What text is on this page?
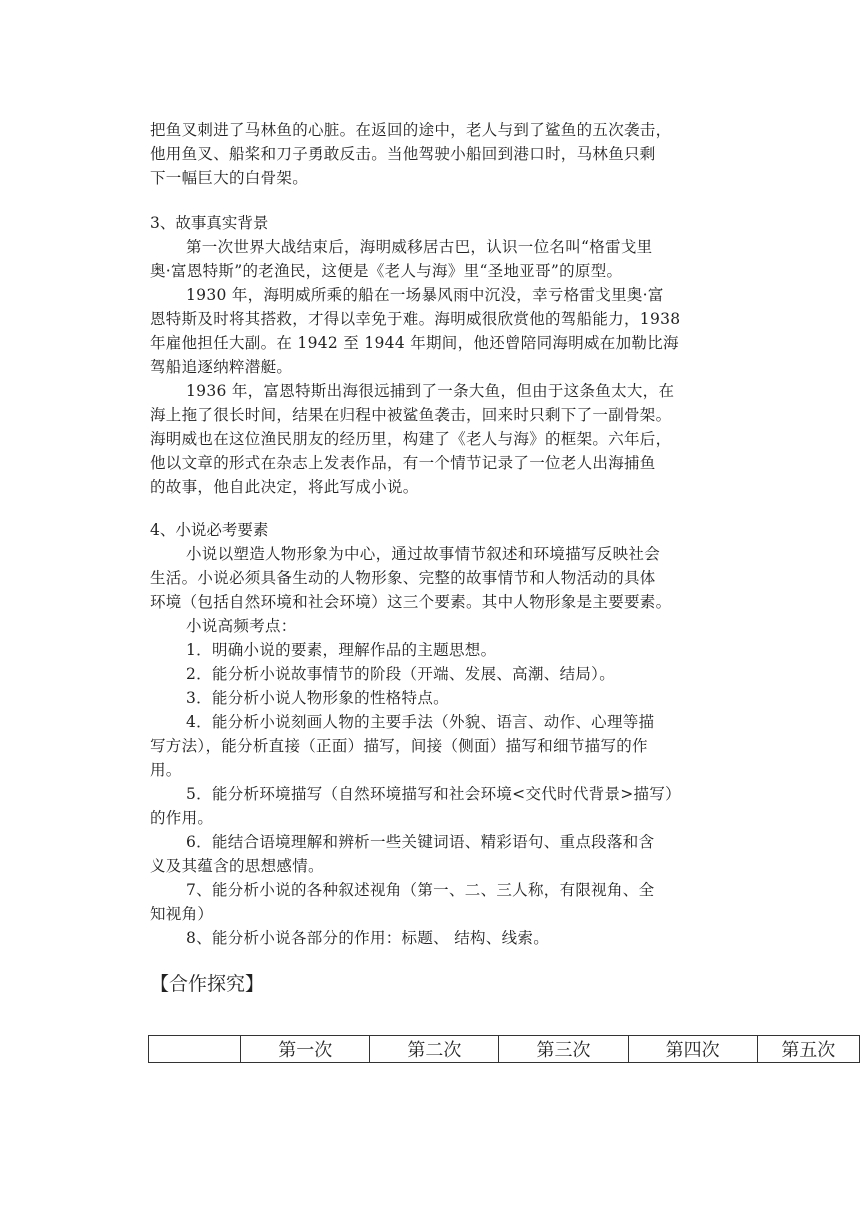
把鱼叉刺进了马林鱼的心脏。在返回的途中，老人与到了鲨鱼的五次袭击，
他用鱼叉、船桨和刀子勇敢反击。当他驾驶小船回到港口时，马林鱼只剩
下一幅巨大的白骨架。
3、故事真实背景
第一次世界大战结束后，海明威移居古巴，认识一位名叫“格雷戈里
奥·富恩特斯”的老渔民，这便是《老人与海》里“圣地亚哥”的原型。
1930 年，海明威所乘的船在一场暴风雨中沉没，幸亏格雷戈里奥·富
恩特斯及时将其搭救，才得以幸免于难。海明威很欣赏他的驾船能力，1938
年雇他担任大副。在 1942 至 1944 年期间，他还曾陪同海明威在加勒比海
驾船追逐纳粹潜艇。
1936 年，富恩特斯出海很远捕到了一条大鱼，但由于这条鱼太大，在
海上拖了很长时间，结果在归程中被鲨鱼袭击，回来时只剩下了一副骨架。
海明威也在这位渔民朋友的经历里，构建了《老人与海》的框架。六年后，
他以文章的形式在杂志上发表作品，有一个情节记录了一位老人出海捕鱼
的故事，他自此决定，将此写成小说。
4、小说必考要素
小说以塑造人物形象为中心，通过故事情节叙述和环境描写反映社会
生活。小说必须具备生动的人物形象、完整的故事情节和人物活动的具体
环境（包括自然环境和社会环境）这三个要素。其中人物形象是主要要素。
小说高频考点：
1．明确小说的要素，理解作品的主题思想。
2．能分析小说故事情节的阶段（开端、发展、高潮、结局）。
3．能分析小说人物形象的性格特点。
4．能分析小说刻画人物的主要手法（外貌、语言、动作、心理等描
写方法），能分析直接（正面）描写，间接（侧面）描写和细节描写的作
用。
5．能分析环境描写（自然环境描写和社会环境<交代时代背景>描写）
的作用。
6．能结合语境理解和辨析一些关键词语、精彩语句、重点段落和含
义及其蕴含的思想感情。
7、能分析小说的各种叙述视角（第一、二、三人称，有限视角、全
知视角）
8、能分析小说各部分的作用：标题、 结构、线索。
【合作探究】
	第一次	第二次	第三次	第四次	第五次
